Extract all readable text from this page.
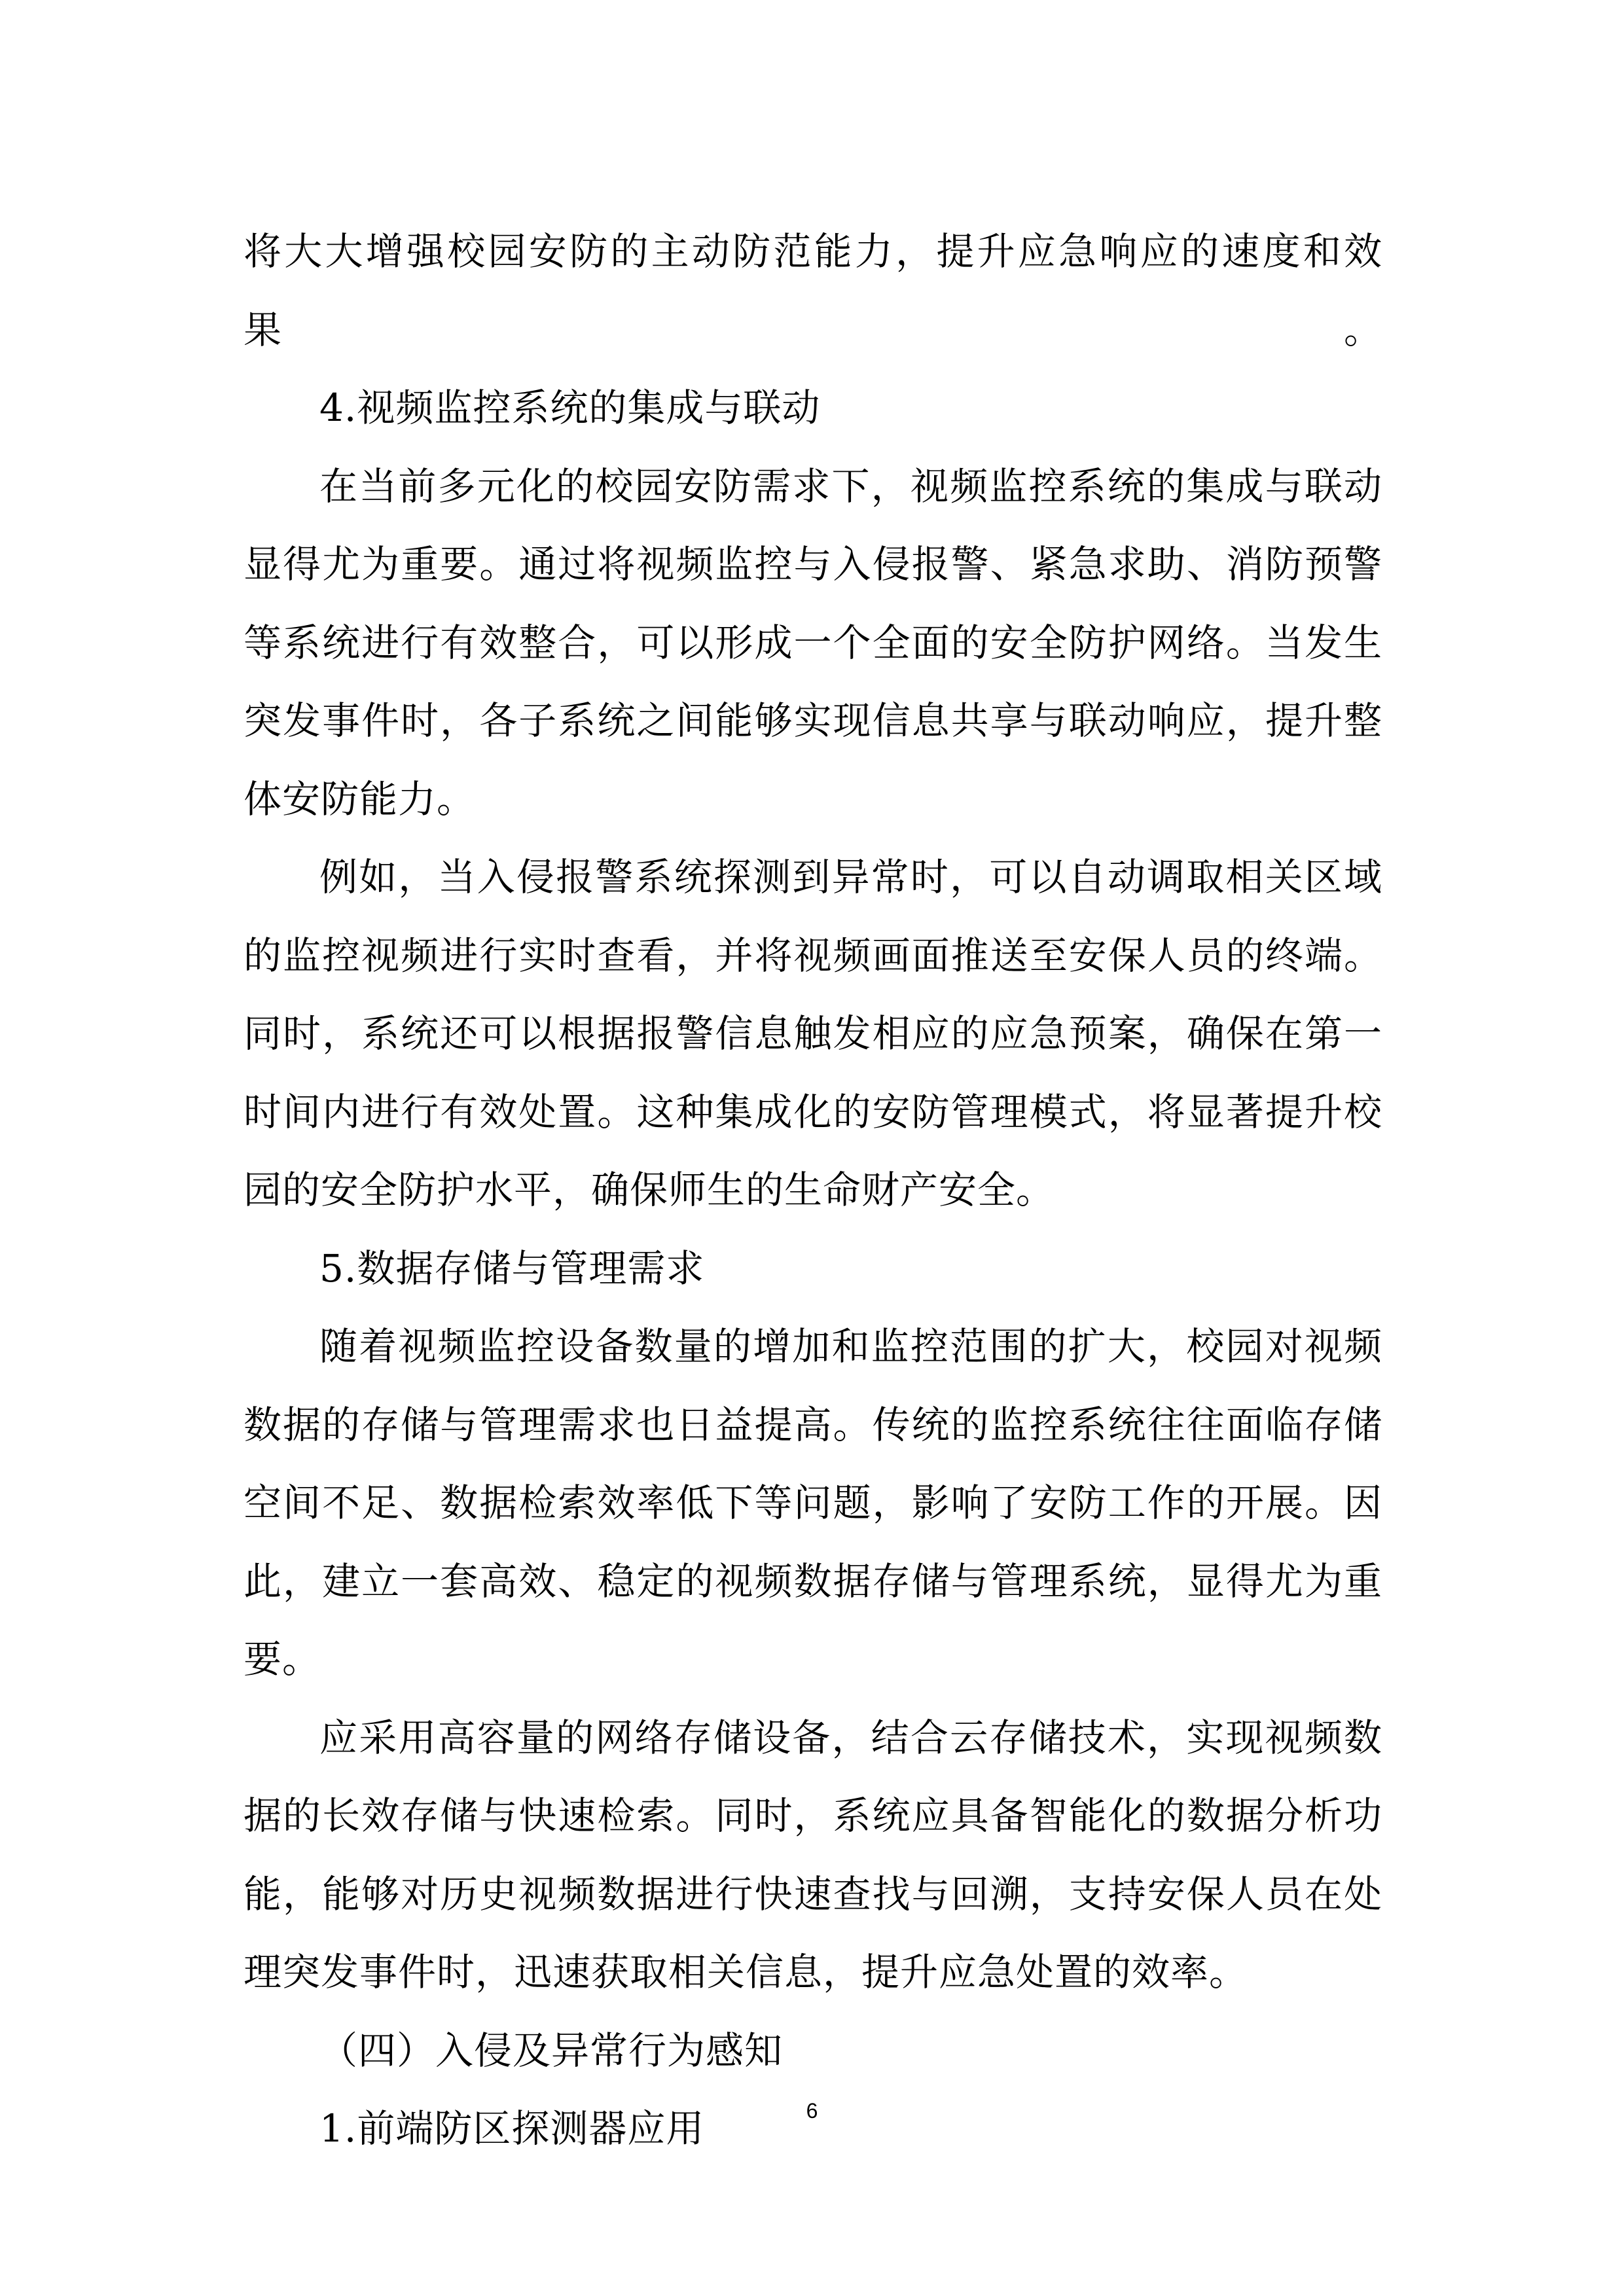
将大大增强校园安防的主动防范能力，提升应急响应的速度和效果。

4.视频监控系统的集成与联动

在当前多元化的校园安防需求下，视频监控系统的集成与联动显得尤为重要。通过将视频监控与入侵报警、紧急求助、消防预警等系统进行有效整合，可以形成一个全面的安全防护网络。当发生突发事件时，各子系统之间能够实现信息共享与联动响应，提升整体安防能力。

例如，当入侵报警系统探测到异常时，可以自动调取相关区域的监控视频进行实时查看，并将视频画面推送至安保人员的终端。同时，系统还可以根据报警信息触发相应的应急预案，确保在第一时间内进行有效处置。这种集成化的安防管理模式，将显著提升校园的安全防护水平，确保师生的生命财产安全。

5.数据存储与管理需求

随着视频监控设备数量的增加和监控范围的扩大，校园对视频数据的存储与管理需求也日益提高。传统的监控系统往往面临存储空间不足、数据检索效率低下等问题，影响了安防工作的开展。因此，建立一套高效、稳定的视频数据存储与管理系统，显得尤为重要。

应采用高容量的网络存储设备，结合云存储技术，实现视频数据的长效存储与快速检索。同时，系统应具备智能化的数据分析功能，能够对历史视频数据进行快速查找与回溯，支持安保人员在处理突发事件时，迅速获取相关信息，提升应急处置的效率。

（四）入侵及异常行为感知

1.前端防区探测器应用	6
